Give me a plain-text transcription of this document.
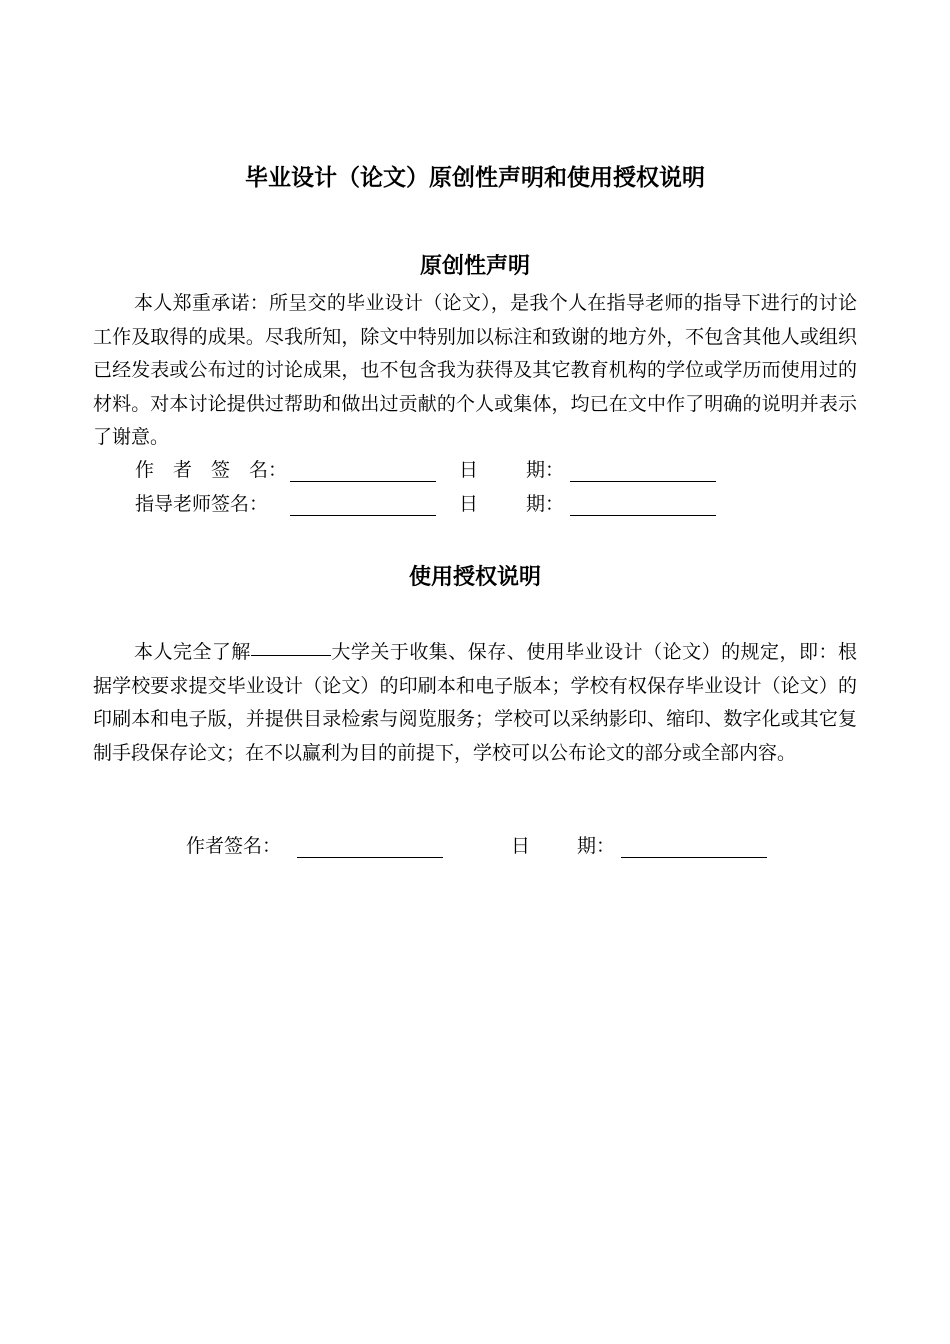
毕业设计（论文）原创性声明和使用授权说明
原创性声明

本人郑重承诺：所呈交的毕业设计（论文），是我个人在指导老师的指导下进行的讨论工作及取得的成果。尽我所知，除文中特别加以标注和致谢的地方外，不包含其他人或组织已经发表或公布过的讨论成果，也不包含我为获得及其它教育机构的学位或学历而使用过的材料。对本讨论提供过帮助和做出过贡献的个人或集体，均已在文中作了明确的说明并表示了谢意。

作　者　签　名：	日	期：
指导老师签名：	日	期：
使用授权说明

本人完全了解	大学关于收集、保存、使用毕业设计（论文）的规定，即：根据学校要求提交毕业设计（论文）的印刷本和电子版本；学校有权保存毕业设计（论文）的印刷本和电子版，并提供目录检索与阅览服务；学校可以采纳影印、缩印、数字化或其它复制手段保存论文；在不以赢利为目的前提下，学校可以公布论文的部分或全部内容。

作者签名：	日 期：
